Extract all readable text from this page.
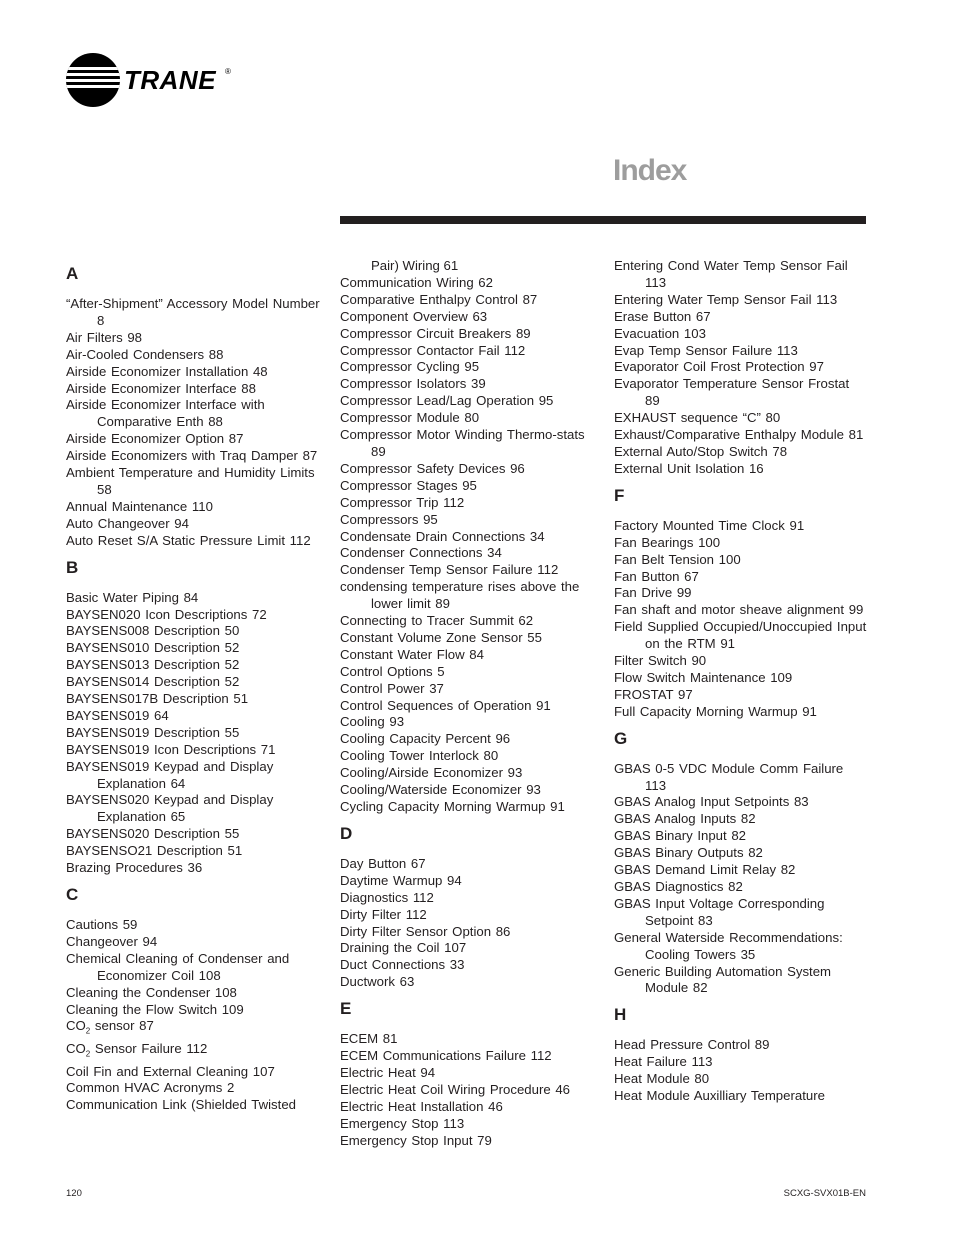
TRANE ®
Index
A
“After-Shipment” Accessory Model Number 8
Air Filters 98
Air-Cooled Condensers 88
Airside Economizer Installation 48
Airside Economizer Interface 88
Airside Economizer Interface with Comparative Enth 88
Airside Economizer Option 87
Airside Economizers with Traq Damper 87
Ambient Temperature and Humidity Limits 58
Annual Maintenance 110
Auto Changeover 94
Auto Reset S/A Static Pressure Limit 112
B
Basic Water Piping 84
BAYSEN020 Icon Descriptions 72
BAYSENS008 Description 50
BAYSENS010 Description 52
BAYSENS013 Description 52
BAYSENS014 Description 52
BAYSENS017B Description 51
BAYSENS019 64
BAYSENS019 Description 55
BAYSENS019 Icon Descriptions 71
BAYSENS019 Keypad and Display Explanation 64
BAYSENS020 Keypad and Display Explanation 65
BAYSENS020 Description 55
BAYSENSO21 Description 51
Brazing Procedures 36
C
Cautions 59
Changeover 94
Chemical Cleaning of Condenser and Economizer Coil 108
Cleaning the Condenser 108
Cleaning the Flow Switch 109
$CO_2$ sensor 87
$CO_2$ Sensor Failure 112
Coil Fin and External Cleaning 107
Common HVAC Acronyms 2
Communication Link (Shielded Twisted
Pair) Wiring 61
Communication Wiring 62
Comparative Enthalpy Control 87
Component Overview 63
Compressor Circuit Breakers 89
Compressor Contactor Fail 112
Compressor Cycling 95
Compressor Isolators 39
Compressor Lead/Lag Operation 95
Compressor Module 80
Compressor Motor Winding Thermo-stats 89
Compressor Safety Devices 96
Compressor Stages 95
Compressor Trip 112
Compressors 95
Condensate Drain Connections 34
Condenser Connections 34
Condenser Temp Sensor Failure 112
condensing temperature rises above the lower limit 89
Connecting to Tracer Summit 62
Constant Volume Zone Sensor 55
Constant Water Flow 84
Control Options 5
Control Power 37
Control Sequences of Operation 91
Cooling 93
Cooling Capacity Percent 96
Cooling Tower Interlock 80
Cooling/Airside Economizer 93
Cooling/Waterside Economizer 93
Cycling Capacity Morning Warmup 91
D
Day Button 67
Daytime Warmup 94
Diagnostics 112
Dirty Filter 112
Dirty Filter Sensor Option 86
Draining the Coil 107
Duct Connections 33
Ductwork 63
E
ECEM 81
ECEM Communications Failure 112
Electric Heat 94
Electric Heat Coil Wiring Procedure 46
Electric Heat Installation 46
Emergency Stop 113
Emergency Stop Input 79
Entering Cond Water Temp Sensor Fail 113
Entering Water Temp Sensor Fail 113
Erase Button 67
Evacuation 103
Evap Temp Sensor Failure 113
Evaporator Coil Frost Protection 97
Evaporator Temperature Sensor Frostat 89
EXHAUST sequence “C” 80
Exhaust/Comparative Enthalpy Module 81
External Auto/Stop Switch 78
External Unit Isolation 16
F
Factory Mounted Time Clock 91
Fan Bearings 100
Fan Belt Tension 100
Fan Button 67
Fan Drive 99
Fan shaft and motor sheave alignment 99
Field Supplied Occupied/Unoccupied Input on the RTM 91
Filter Switch 90
Flow Switch Maintenance 109
FROSTAT 97
Full Capacity Morning Warmup 91
G
GBAS 0-5 VDC Module Comm Failure 113
GBAS Analog Input Setpoints 83
GBAS Analog Inputs 82
GBAS Binary Input 82
GBAS Binary Outputs 82
GBAS Demand Limit Relay 82
GBAS Diagnostics 82
GBAS Input Voltage Corresponding Setpoint 83
General Waterside Recommendations: Cooling Towers 35
Generic Building Automation System Module 82
H
Head Pressure Control 89
Heat Failure 113
Heat Module 80
Heat Module Auxilliary Temperature
120	SCXG-SVX01B-EN
